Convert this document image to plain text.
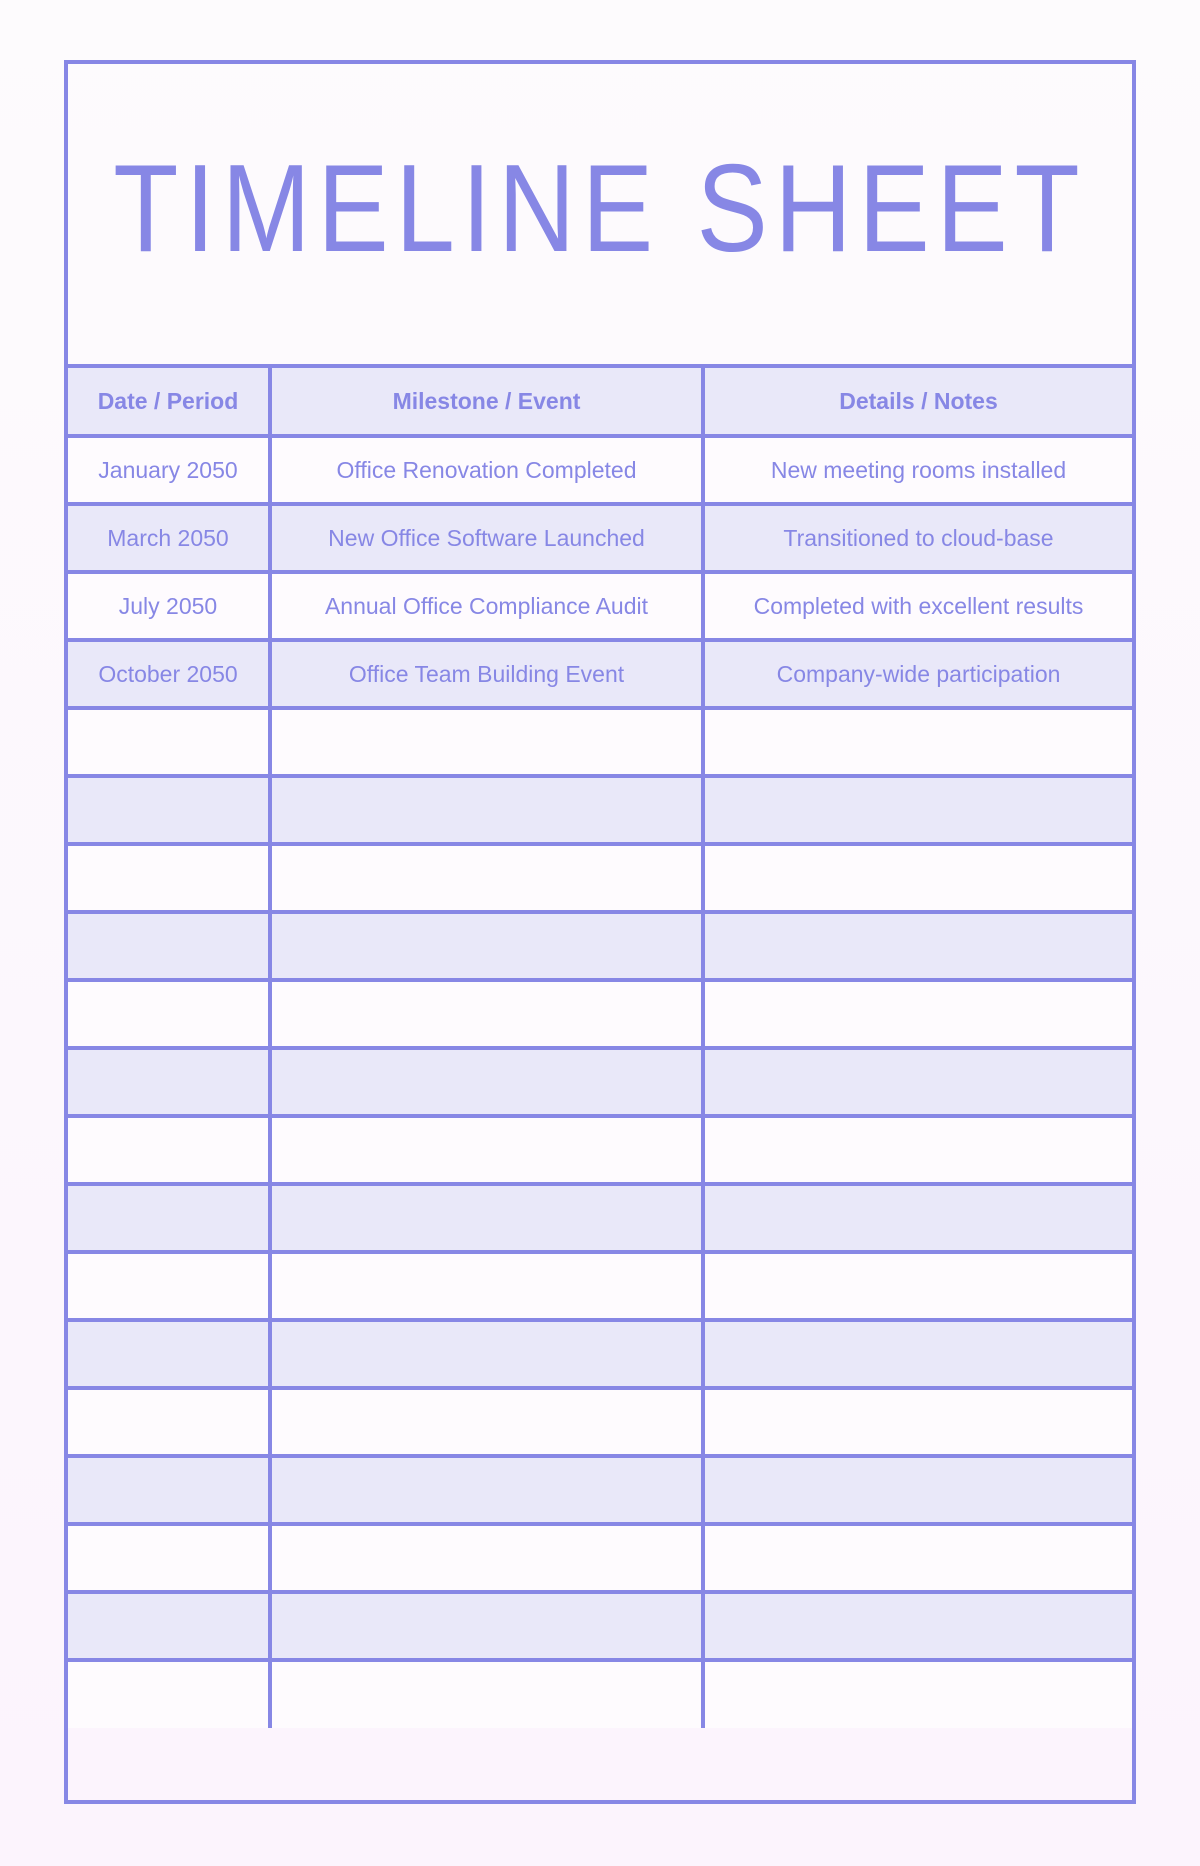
TIMELINE SHEET
Date / Period	Milestone / Event	Details / Notes
January 2050	Office Renovation Completed	New meeting rooms installed
March 2050	New Office Software Launched	Transitioned to cloud-base
July 2050	Annual Office Compliance Audit	Completed with excellent results
October 2050	Office Team Building Event	Company-wide participation
